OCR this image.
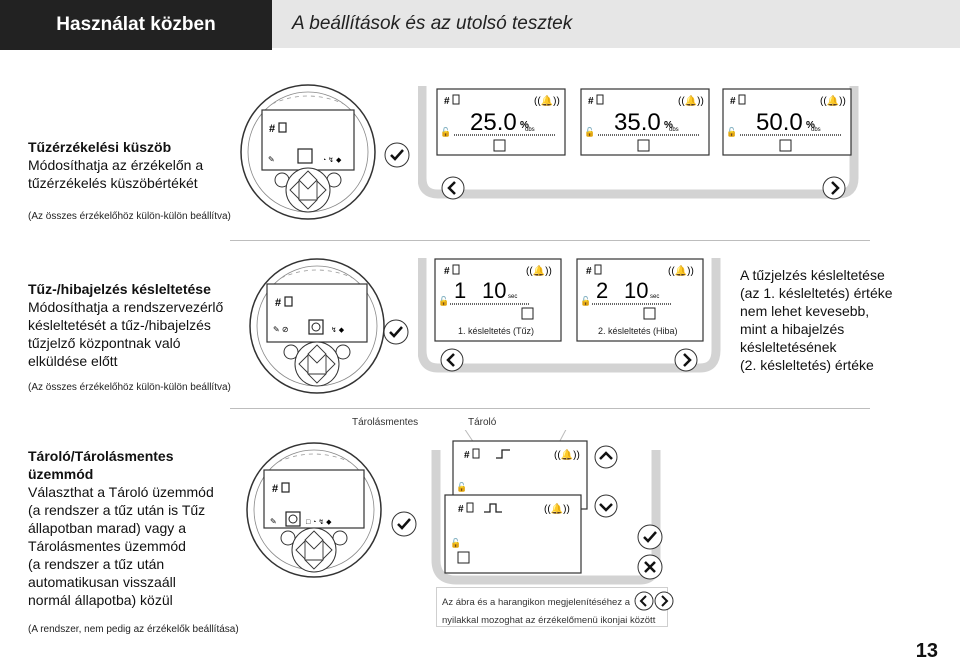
Használat közben	A beállítások és az utolsó tesztek
Tűzérzékelési küszöb
Módosíthatja az érzékelőn a
tűzérzékelés küszöbértékét
(Az összes érzékelőhöz külön-külön beállítva)
#
✎	◔ ↯ ◆
#	((🔔))
25.0 %
obs
🔓
#	((🔔))
35.0 %
obs
🔓
#	((🔔))
50.0 %
obs
🔓
Tűz-/hibajelzés késleltetése
Módosíthatja a rendszervezérlő
késleltetését a tűz-/hibajelzés
tűzjelző központnak való
elküldése előtt
(Az összes érzékelőhöz külön-külön beállítva)
#
✎ ⊘	↯ ◆
#	((🔔))
1 10 sec
🔓
1. késleltetés (Tűz)
#	((🔔))
2 10 sec
🔓
2. késleltetés (Hiba)
A tűzjelzés késleltetése
(az 1. késleltetés) értéke
nem lehet kevesebb,
mint a hibajelzés
késleltetésének
(2. késleltetés) értéke
Tároló/Tárolásmentes
üzemmód
Választhat a Tároló üzemmód
(a rendszer a tűz után is Tűz
állapotban marad) vagy a
Tárolásmentes üzemmód
(a rendszer a tűz után
automatikusan visszaáll
normál állapotba) közül
(A rendszer, nem pedig az érzékelők beállítása)
#
✎	□ ◔ ↯ ◆
Tárolásmentes	Tároló
#	((🔔))
🔓
#	((🔔))
🔓
Az ábra és a harangikon megjelenítéséhez a
nyilakkal mozoghat az érzékelőmenü ikonjai között
13
